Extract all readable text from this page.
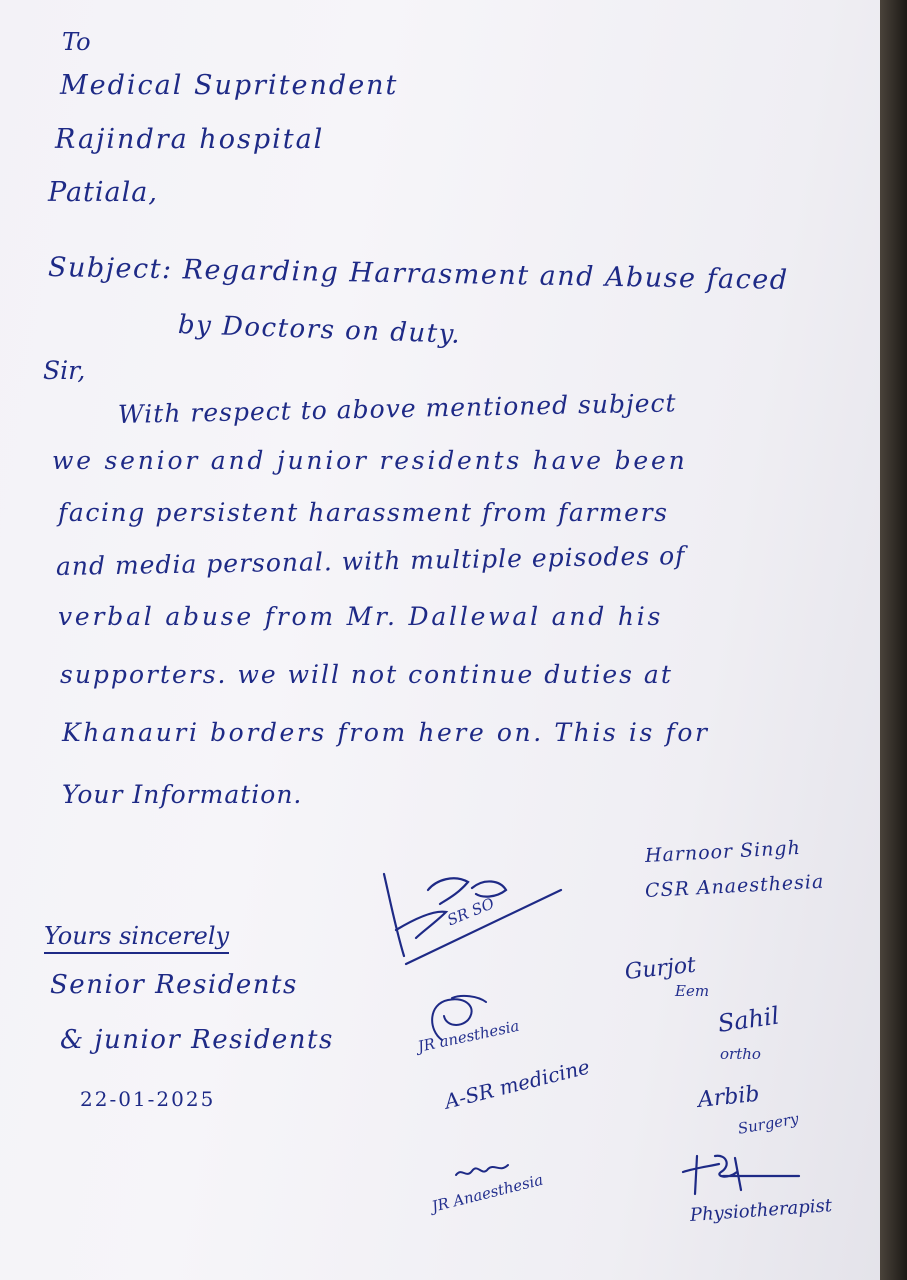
To
Medical Supritendent
Rajindra hospital
Patiala,
Subject: Regarding Harrasment and Abuse faced
by Doctors on duty.
Sir,
With respect to above mentioned subject
we senior and junior residents have been
facing persistent harassment from farmers
and media personal. with multiple episodes of
verbal abuse from Mr. Dallewal and his
supporters. we will not continue duties at
Khanauri borders from here on. This is for
Your Information.
Yours sincerely
Senior Residents
& junior Residents
22-01-2025
SR SO
Harnoor Singh
CSR Anaesthesia
Gurjot
Eem
Sahil
ortho
JR anesthesia
A-SR medicine	Arbib
Surgery
JR Anaesthesia	Physiotherapist
